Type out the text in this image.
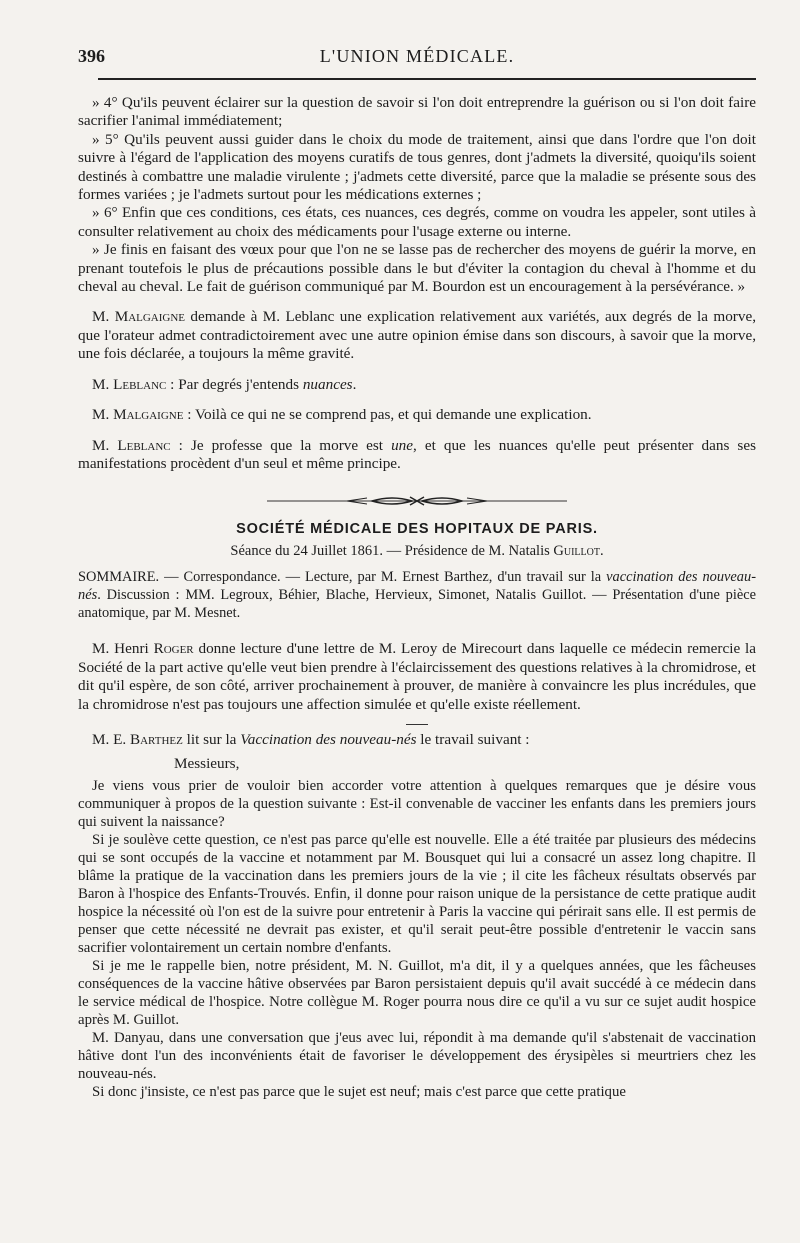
396	L'UNION MÉDICALE.

» 4° Qu'ils peuvent éclairer sur la question de savoir si l'on doit entreprendre la guérison ou si l'on doit faire sacrifier l'animal immédiatement;

» 5° Qu'ils peuvent aussi guider dans le choix du mode de traitement, ainsi que dans l'ordre que l'on doit suivre à l'égard de l'application des moyens curatifs de tous genres, dont j'admets la diversité, quoiqu'ils soient destinés à combattre une maladie virulente ; j'admets cette diversité, parce que la maladie se présente sous des formes variées ; je l'admets surtout pour les médications externes ;

» 6° Enfin que ces conditions, ces états, ces nuances, ces degrés, comme on voudra les appeler, sont utiles à consulter relativement au choix des médicaments pour l'usage externe ou interne.

» Je finis en faisant des vœux pour que l'on ne se lasse pas de rechercher des moyens de guérir la morve, en prenant toutefois le plus de précautions possible dans le but d'éviter la contagion du cheval à l'homme et du cheval au cheval. Le fait de guérison communiqué par M. Bourdon est un encouragement à la persévérance. »

M. Malgaigne demande à M. Leblanc une explication relativement aux variétés, aux degrés de la morve, que l'orateur admet contradictoirement avec une autre opinion émise dans son discours, à savoir que la morve, une fois déclarée, a toujours la même gravité.

M. Leblanc : Par degrés j'entends nuances.

M. Malgaigne : Voilà ce qui ne se comprend pas, et qui demande une explication.

M. Leblanc : Je professe que la morve est une, et que les nuances qu'elle peut présenter dans ses manifestations procèdent d'un seul et même principe.

SOCIÉTÉ MÉDICALE DES HOPITAUX DE PARIS.
Séance du 24 Juillet 1861. — Présidence de M. Natalis Guillot.

SOMMAIRE. — Correspondance. — Lecture, par M. Ernest Barthez, d'un travail sur la vaccination des nouveau-nés. Discussion : MM. Legroux, Béhier, Blache, Hervieux, Simonet, Natalis Guillot. — Présentation d'une pièce anatomique, par M. Mesnet.

M. Henri Roger donne lecture d'une lettre de M. Leroy de Mirecourt dans laquelle ce médecin remercie la Société de la part active qu'elle veut bien prendre à l'éclaircissement des questions relatives à la chromidrose, et dit qu'il espère, de son côté, arriver prochainement à prouver, de manière à convaincre les plus incrédules, que la chromidrose n'est pas toujours une affection simulée et qu'elle existe réellement.

M. E. Barthez lit sur la Vaccination des nouveau-nés le travail suivant :

Messieurs,

Je viens vous prier de vouloir bien accorder votre attention à quelques remarques que je désire vous communiquer à propos de la question suivante : Est-il convenable de vacciner les enfants dans les premiers jours qui suivent la naissance?

Si je soulève cette question, ce n'est pas parce qu'elle est nouvelle. Elle a été traitée par plusieurs des médecins qui se sont occupés de la vaccine et notamment par M. Bousquet qui lui a consacré un assez long chapitre. Il blâme la pratique de la vaccination dans les premiers jours de la vie ; il cite les fâcheux résultats observés par Baron à l'hospice des Enfants-Trouvés. Enfin, il donne pour raison unique de la persistance de cette pratique audit hospice la nécessité où l'on est de la suivre pour entretenir à Paris la vaccine qui périrait sans elle. Il est permis de penser que cette nécessité ne devrait pas exister, et qu'il serait peut-être possible d'entretenir le vaccin sans sacrifier volontairement un certain nombre d'enfants.

Si je me le rappelle bien, notre président, M. N. Guillot, m'a dit, il y a quelques années, que les fâcheuses conséquences de la vaccine hâtive observées par Baron persistaient depuis qu'il avait succédé à ce médecin dans le service médical de l'hospice. Notre collègue M. Roger pourra nous dire ce qu'il a vu sur ce sujet audit hospice après M. Guillot.

M. Danyau, dans une conversation que j'eus avec lui, répondit à ma demande qu'il s'abstenait de vaccination hâtive dont l'un des inconvénients était de favoriser le développement des érysipèles si meurtriers chez les nouveau-nés.

Si donc j'insiste, ce n'est pas parce que le sujet est neuf; mais c'est parce que cette pratique
